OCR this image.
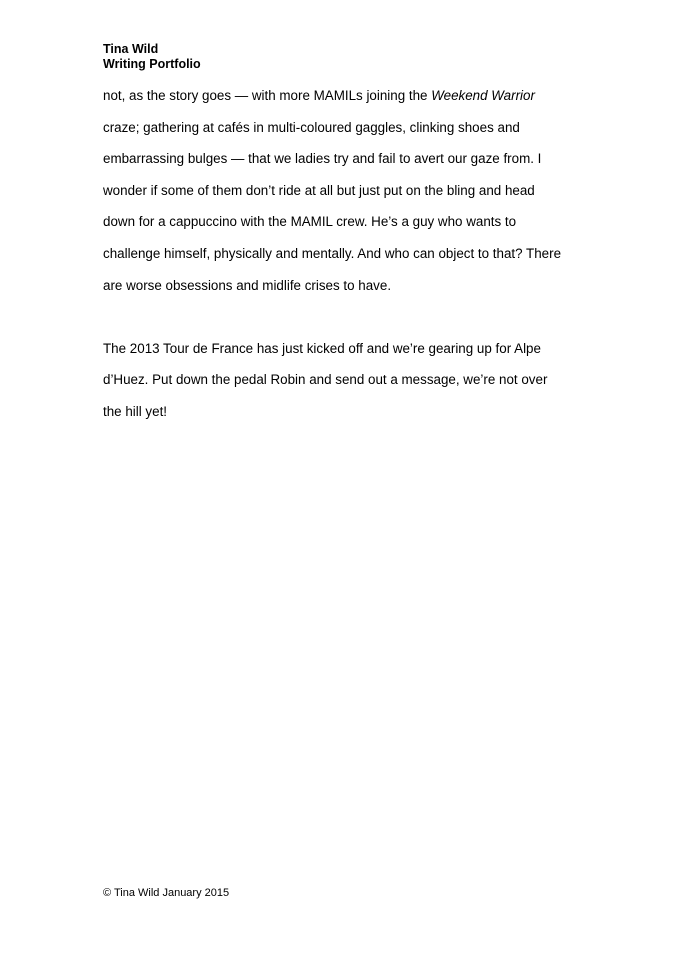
Tina Wild
Writing Portfolio
not, as the story goes — with more MAMILs joining the Weekend Warrior
craze; gathering at cafés in multi-coloured gaggles, clinking shoes and
embarrassing bulges — that we ladies try and fail to avert our gaze from. I
wonder if some of them don’t ride at all but just put on the bling and head
down for a cappuccino with the MAMIL crew. He’s a guy who wants to
challenge himself, physically and mentally. And who can object to that? There
are worse obsessions and midlife crises to have.
The 2013 Tour de France has just kicked off and we’re gearing up for Alpe
d’Huez. Put down the pedal Robin and send out a message, we’re not over
the hill yet!
© Tina Wild January 2015
